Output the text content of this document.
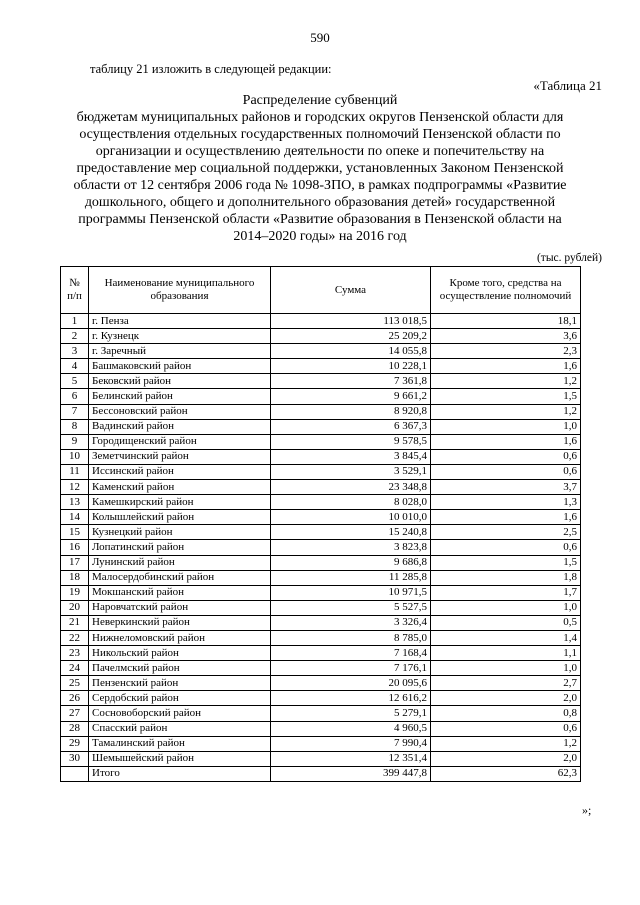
590
таблицу 21 изложить в следующей редакции:
«Таблица 21
Распределение субвенций
бюджетам муниципальных районов и городских округов Пензенской области для
осуществления отдельных государственных полномочий Пензенской области по
организации и осуществлению деятельности по опеке и попечительству на
предоставление мер социальной поддержки, установленных Законом Пензенской
области от 12 сентября 2006 года № 1098-ЗПО, в рамках подпрограммы «Развитие
дошкольного, общего и дополнительного образования детей» государственной
программы Пензенской области «Развитие образования в Пензенской области на
2014–2020 годы» на 2016 год
(тыс. рублей)
№ п/п	Наименование муниципального образования	Сумма	Кроме того, средства на осуществление полномочий
1	г. Пенза	113 018,5	18,1
2	г. Кузнецк	25 209,2	3,6
3	г. Заречный	14 055,8	2,3
4	Башмаковский район	10 228,1	1,6
5	Бековский район	7 361,8	1,2
6	Белинский район	9 661,2	1,5
7	Бессоновский район	8 920,8	1,2
8	Вадинский район	6 367,3	1,0
9	Городищенский район	9 578,5	1,6
10	Земетчинский район	3 845,4	0,6
11	Иссинский район	3 529,1	0,6
12	Каменский район	23 348,8	3,7
13	Камешкирский район	8 028,0	1,3
14	Колышлейский район	10 010,0	1,6
15	Кузнецкий район	15 240,8	2,5
16	Лопатинский район	3 823,8	0,6
17	Лунинский район	9 686,8	1,5
18	Малосердобинский район	11 285,8	1,8
19	Мокшанский район	10 971,5	1,7
20	Наровчатский район	5 527,5	1,0
21	Неверкинский район	3 326,4	0,5
22	Нижнеломовский район	8 785,0	1,4
23	Никольский район	7 168,4	1,1
24	Пачелмский район	7 176,1	1,0
25	Пензенский район	20 095,6	2,7
26	Сердобский район	12 616,2	2,0
27	Сосновоборский район	5 279,1	0,8
28	Спасский район	4 960,5	0,6
29	Тамалинский район	7 990,4	1,2
30	Шемышейский район	12 351,4	2,0
	Итого	399 447,8	62,3
»;
